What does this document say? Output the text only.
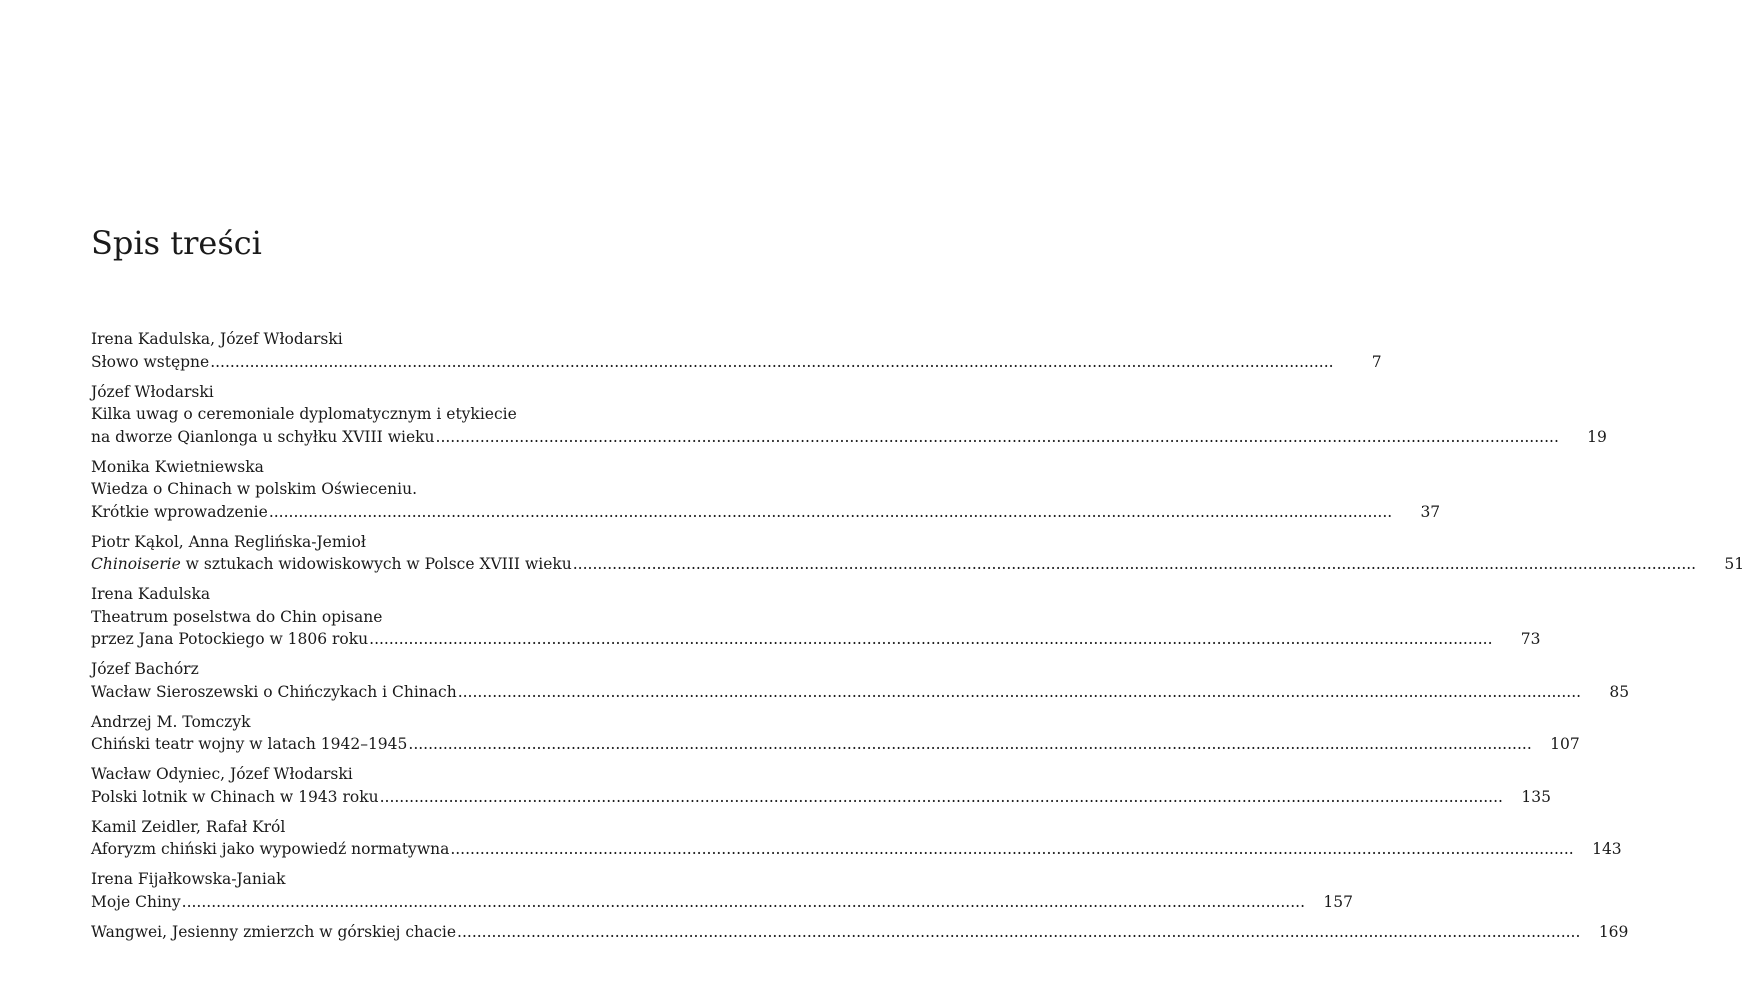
Spis treści
Irena Kadulska, Józef Włodarski
Słowo wstępne .....	7
Józef Włodarski
Kilka uwag o ceremoniale dyplomatycznym i etykiecie
na dworze Qianlonga u schyłku XVIII wieku .....	19
Monika Kwietniewska
Wiedza o Chinach w polskim Oświeceniu.
Krótkie wprowadzenie .....	37
Piotr Kąkol, Anna Reglińska-Jemioł
Chinoiserie w sztukach widowiskowych w Polsce XVIII wieku .....	51
Irena Kadulska
Theatrum poselstwa do Chin opisane
przez Jana Potockiego w 1806 roku .....	73
Józef Bachórz
Wacław Sieroszewski o Chińczykach i Chinach .....	85
Andrzej M. Tomczyk
Chiński teatr wojny w latach 1942–1945 .....	107
Wacław Odyniec, Józef Włodarski
Polski lotnik w Chinach w 1943 roku .....	135
Kamil Zeidler, Rafał Król
Aforyzm chiński jako wypowiedź normatywna .....	143
Irena Fijałkowska-Janiak
Moje Chiny .....	157
Wangwei, Jesienny zmierzch w górskiej chacie .....	169
